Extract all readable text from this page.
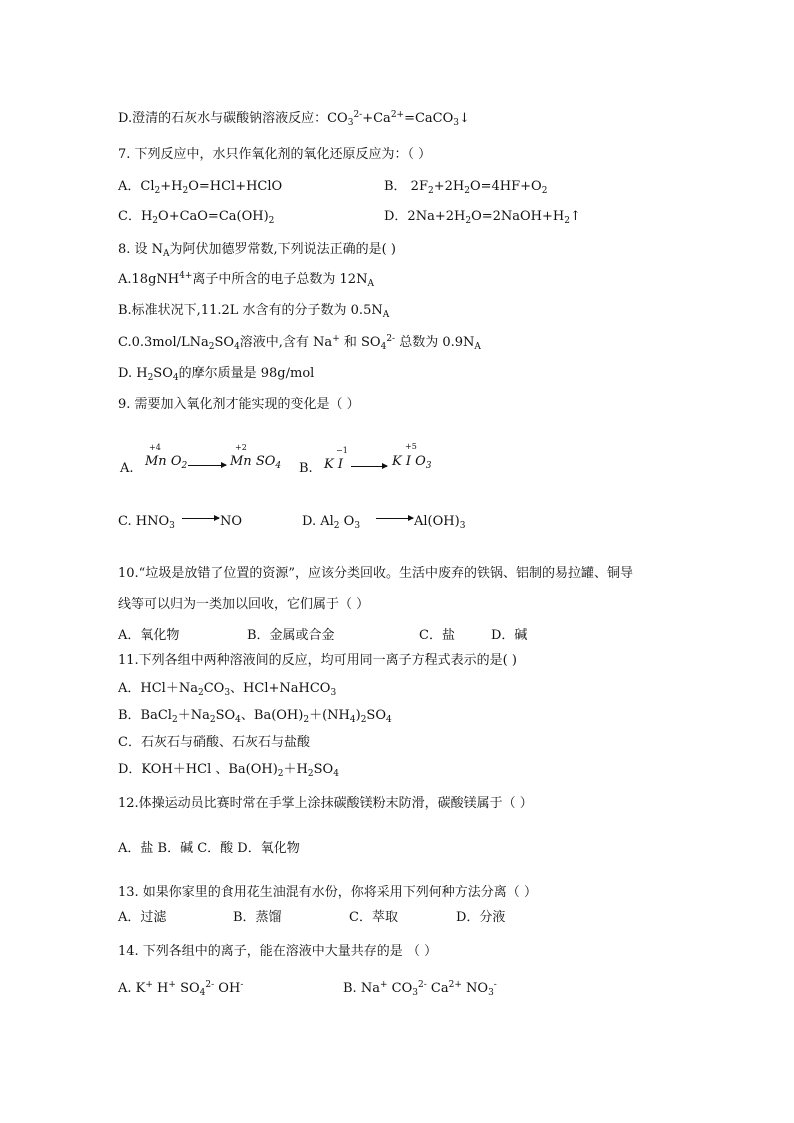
D.澄清的石灰水与碳酸钠溶液反应：$CO_3^{2-}+Ca^{2+}=CaCO_3↓$
7. 下列反应中，水只作氧化剂的氧化还原反应为：（ ）
A．$Cl_2+H_2O=HCl+HClO$	B． $2F_2+2H_2O=4HF+O_2$
C．$H_2O+CaO=Ca(OH)_2$	D．$2Na+2H_2O=2NaOH+H_2↑$
8. 设 $N_A$为阿伏加德罗常数,下列说法正确的是( )
A.18gNH$^{4+}$离子中所含的电子总数为 $12N_A$
B.标准状况下,11.2L 水含有的分子数为 $0.5N_A$
$C.0.3mol/LNa_2SO_4$溶液中,含有 Na+ 和 $SO_4^{2-}$ 总数为 $0.9N_A$
D. $H_2SO_4$的摩尔质量是 98g/mol
9. 需要加入氧化剂才能实现的变化是（ ）
A.
+4
Mn $O_2$
+2
Mn $SO_4$ B.
−1
K I
+5
K I $O_3$
C. $HNO_3$	NO	D. $Al_2$ $O_3$	$Al(OH)_3$
10.“垃圾是放错了位置的资源”，应该分类回收。生活中废弃的铁锅、铝制的易拉罐、铜导
线等可以归为一类加以回收，它们属于（ ）
A．氧化物	B．金属或合金	C．盐	D．碱
11.下列各组中两种溶液间的反应，均可用同一离子方程式表示的是( )
A．$HCl+Na_2CO_3$、HCl+NaHCO$_3$
B．$BaCl_2+Na_2SO_4$、$Ba(OH)_2+(NH_4)_2SO_4$
C．石灰石与硝酸、石灰石与盐酸
D．KOH＋HCl 、$Ba(OH)_2+H_2SO_4$
12.体操运动员比赛时常在手掌上涂抹碳酸镁粉末防滑，碳酸镁属于（ ）
A．盐 B．碱 C．酸 D．氧化物
13. 如果你家里的食用花生油混有水份，你将采用下列何种方法分离（ ）
A．过滤	B．蒸馏	C．萃取	D．分液
14. 下列各组中的离子，能在溶液中大量共存的是 （ ）
A. K+ H+ $SO_4^{2-}$ OH-	B. Na+ $CO_3^{2-}$ $Ca^{2+}$ $NO_3^-$
